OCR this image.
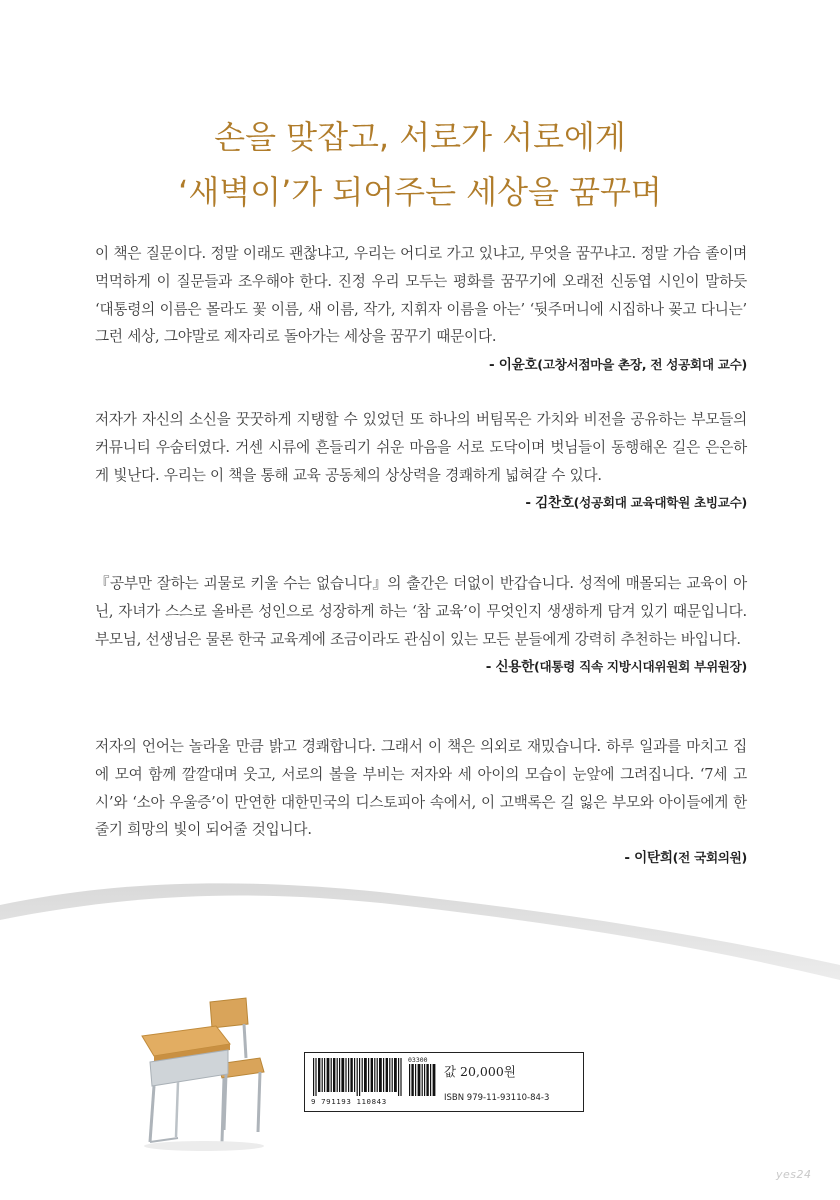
손을 맞잡고, 서로가 서로에게
‘새벽이’가 되어주는 세상을 꿈꾸며

이 책은 질문이다. 정말 이래도 괜찮냐고, 우리는 어디로 가고 있냐고, 무엇을 꿈꾸냐고. 정말 가슴 졸이며 먹먹하게 이 질문들과 조우해야 한다. 진정 우리 모두는 평화를 꿈꾸기에 오래전 신동엽 시인이 말하듯 ‘대통령의 이름은 몰라도 꽃 이름, 새 이름, 작가, 지휘자 이름을 아는’ ‘뒷주머니에 시집하나 꽂고 다니는’ 그런 세상, 그야말로 제자리로 돌아가는 세상을 꿈꾸기 때문이다.

- 이윤호(고창서점마을 촌장, 전 성공회대 교수)

저자가 자신의 소신을 꿋꿋하게 지탱할 수 있었던 또 하나의 버팀목은 가치와 비전을 공유하는 부모들의 커뮤니티 우숨터였다. 거센 시류에 흔들리기 쉬운 마음을 서로 도닥이며 벗님들이 동행해온 길은 은은하게 빛난다. 우리는 이 책을 통해 교육 공동체의 상상력을 경쾌하게 넓혀갈 수 있다.

- 김찬호(성공회대 교육대학원 초빙교수)

『공부만 잘하는 괴물로 키울 수는 없습니다』의 출간은 더없이 반갑습니다. 성적에 매몰되는 교육이 아닌, 자녀가 스스로 올바른 성인으로 성장하게 하는 ‘참 교육’이 무엇인지 생생하게 담겨 있기 때문입니다. 부모님, 선생님은 물론 한국 교육계에 조금이라도 관심이 있는 모든 분들에게 강력히 추천하는 바입니다.

- 신용한(대통령 직속 지방시대위원회 부위원장)

저자의 언어는 놀라울 만큼 밝고 경쾌합니다. 그래서 이 책은 의외로 재밌습니다. 하루 일과를 마치고 집에 모여 함께 깔깔대며 웃고, 서로의 볼을 부비는 저자와 세 아이의 모습이 눈앞에 그려집니다. ‘7세 고시’와 ‘소아 우울증’이 만연한 대한민국의 디스토피아 속에서, 이 고백록은 길 잃은 부모와 아이들에게 한 줄기 희망의 빛이 되어줄 것입니다.

- 이탄희(전 국회의원)
03300
9 791193 110843
값 20,000원
ISBN 979-11-93110-84-3
yes24
